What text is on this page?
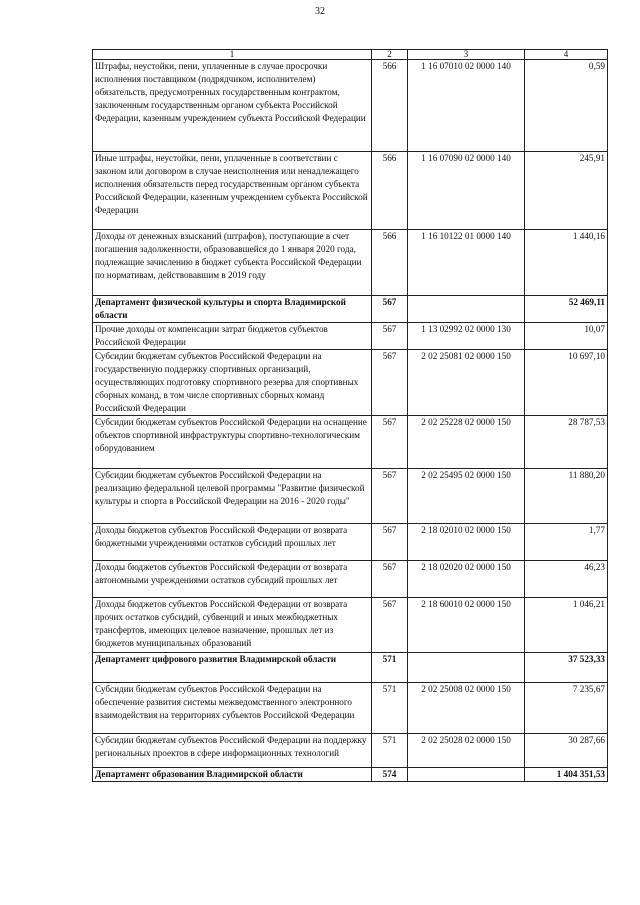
32
1	2	3	4
Штрафы, неустойки, пени, уплаченные в случае просрочки исполнения поставщиком (подрядчиком, исполнителем) обязательств, предусмотренных государственным контрактом, заключенным государственным органом субъекта Российской Федерации, казенным учреждением субъекта Российской Федерации	566	1 16 07010 02 0000 140	0,59
Иные штрафы, неустойки, пени, уплаченные в соответствии с законом или договором в случае неисполнения или ненадлежащего исполнения обязательств перед государственным органом субъекта Российской Федерации, казенным учреждением субъекта Российской Федерации	566	1 16 07090 02 0000 140	245,91
Доходы от денежных взысканий (штрафов), поступающие в счет погашения задолженности, образовавшейся до 1 января 2020 года, подлежащие зачислению в бюджет субъекта Российской Федерации по нормативам, действовавшим в 2019 году	566	1 16 10122 01 0000 140	1 440,16
Департамент физической культуры и спорта Владимирской области	567		52 469,11
Прочие доходы от компенсации затрат бюджетов субъектов Российской Федерации	567	1 13 02992 02 0000 130	10,07
Субсидии бюджетам субъектов Российской Федерации на государственную поддержку спортивных организаций, осуществляющих подготовку спортивного резерва для спортивных сборных команд, в том числе спортивных сборных команд Российской Федерации	567	2 02 25081 02 0000 150	10 697,10
Субсидии бюджетам субъектов Российской Федерации на оснащение объектов спортивной инфраструктуры спортивно-технологическим оборудованием	567	2 02 25228 02 0000 150	28 787,53
Субсидии бюджетам субъектов Российской Федерации на реализацию федеральной целевой программы "Развитие физической культуры и спорта в Российской Федерации на 2016 - 2020 годы"	567	2 02 25495 02 0000 150	11 880,20
Доходы бюджетов субъектов Российской Федерации от возврата бюджетными учреждениями остатков субсидий прошлых лет	567	2 18 02010 02 0000 150	1,77
Доходы бюджетов субъектов Российской Федерации от возврата автономными учреждениями остатков субсидий прошлых лет	567	2 18 02020 02 0000 150	46,23
Доходы бюджетов субъектов Российской Федерации от возврата прочих остатков субсидий, субвенций и иных межбюджетных трансфертов, имеющих целевое назначение, прошлых лет из бюджетов муниципальных образований	567	2 18 60010 02 0000 150	1 046,21
Департамент цифрового развития Владимирской области	571		37 523,33
Субсидии бюджетам субъектов Российской Федерации на обеспечение развития системы межведомственного электронного взаимодействия на территориях субъектов Российской Федерации	571	2 02 25008 02 0000 150	7 235,67
Субсидии бюджетам субъектов Российской Федерации на поддержку региональных проектов в сфере информационных технологий	571	2 02 25028 02 0000 150	30 287,66
Департамент образования Владимирской области	574		1 404 351,53
